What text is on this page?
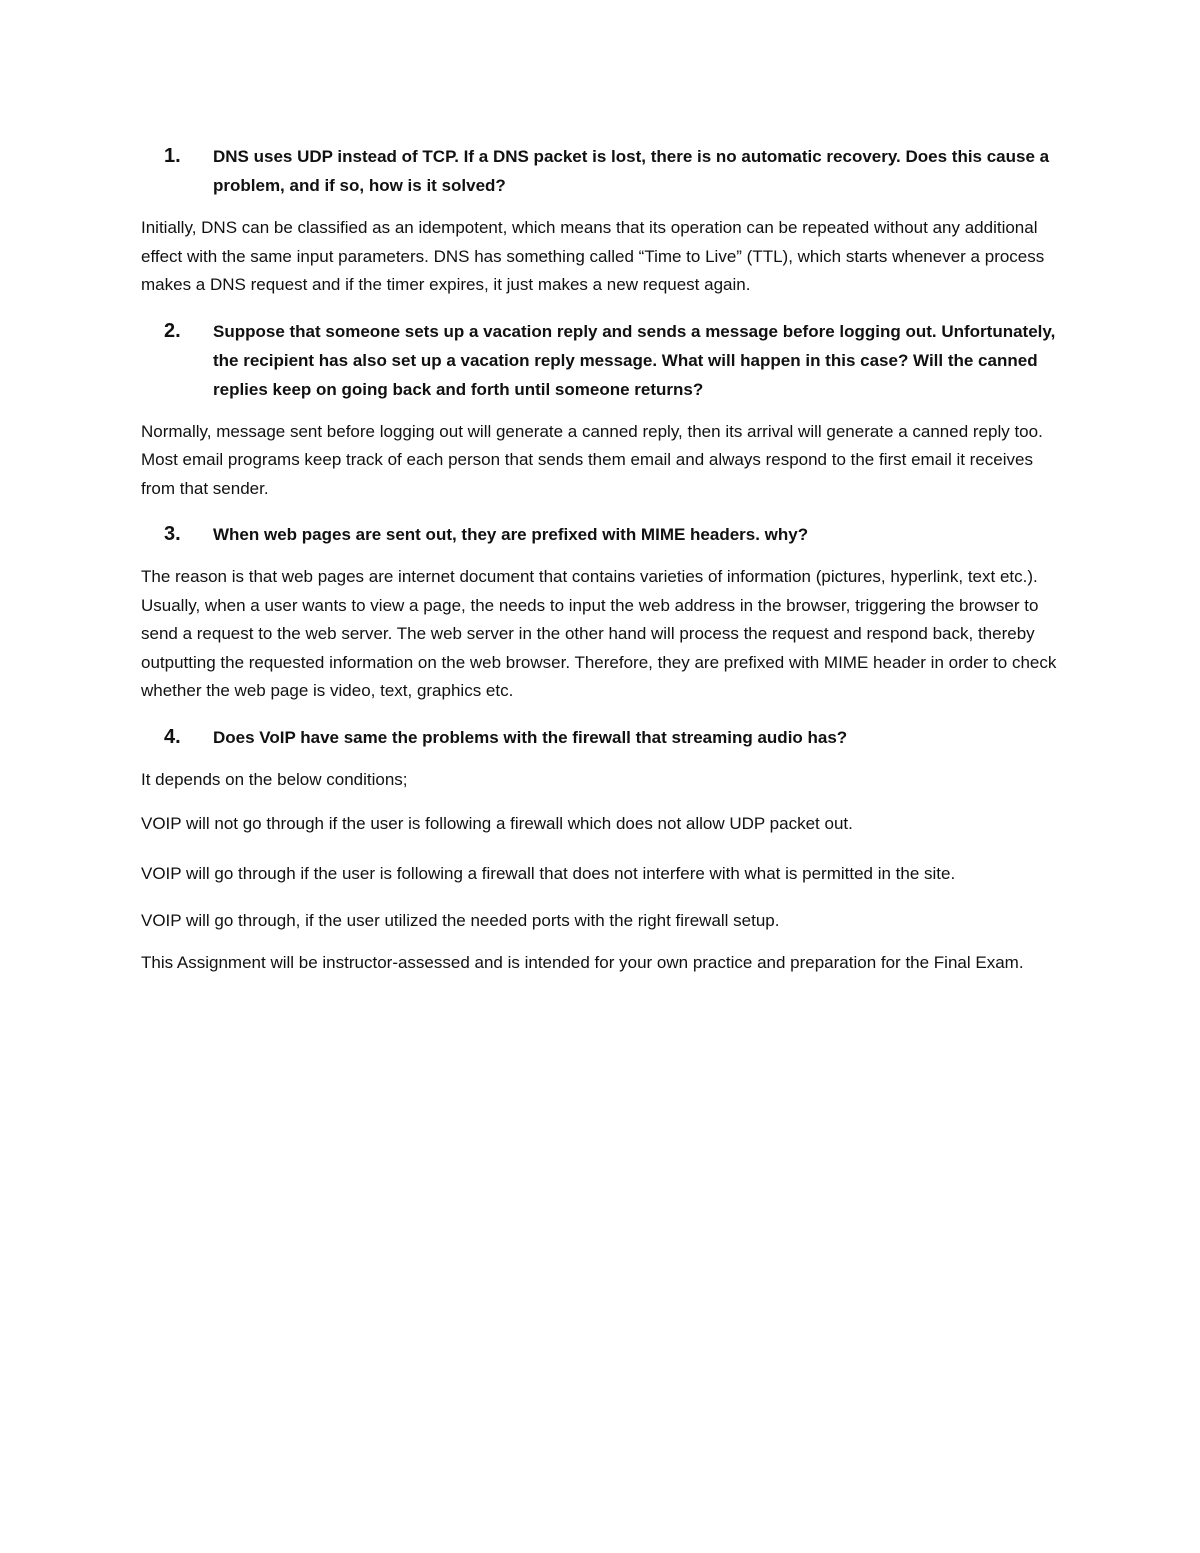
1.	DNS uses UDP instead of TCP. If a DNS packet is lost, there is no automatic recovery. Does this cause a problem, and if so, how is it solved?

Initially, DNS can be classified as an idempotent, which means that its operation can be repeated without any additional effect with the same input parameters. DNS has something called “Time to Live” (TTL), which starts whenever a process makes a DNS request and if the timer expires, it just makes a new request again.

2.	Suppose that someone sets up a vacation reply and sends a message before logging out. Unfortunately, the recipient has also set up a vacation reply message. What will happen in this case? Will the canned replies keep on going back and forth until someone returns?

Normally, message sent before logging out will generate a canned reply, then its arrival will generate a canned reply too. Most email programs keep track of each person that sends them email and always respond to the first email it receives from that sender.

3.	When web pages are sent out, they are prefixed with MIME headers. why?

The reason is that web pages are internet document that contains varieties of information (pictures, hyperlink, text etc.). Usually, when a user wants to view a page, the needs to input the web address in the browser, triggering the browser to send a request to the web server. The web server in the other hand will process the request and respond back, thereby outputting the requested information on the web browser. Therefore, they are prefixed with MIME header in order to check whether the web page is video, text, graphics etc.

4.	Does VoIP have same the problems with the firewall that streaming audio has?

It depends on the below conditions;

VOIP will not go through if the user is following a firewall which does not allow UDP packet out.

VOIP will go through if the user is following a firewall that does not interfere with what is permitted in the site.

VOIP will go through, if the user utilized the needed ports with the right firewall setup.

This Assignment will be instructor-assessed and is intended for your own practice and preparation for the Final Exam.
